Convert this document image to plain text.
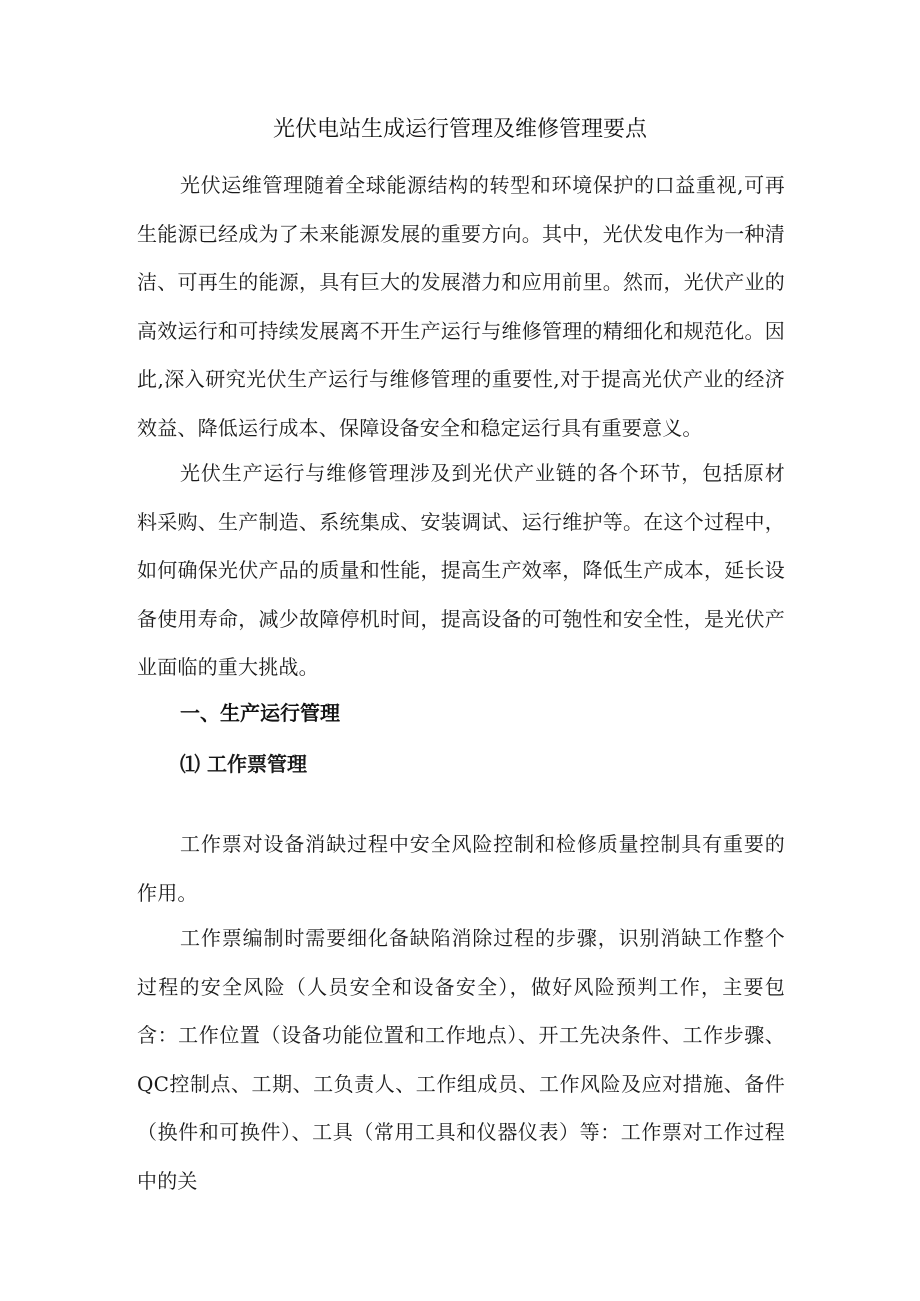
光伏电站生成运行管理及维修管理要点

光伏运维管理随着全球能源结构的转型和环境保护的口益重视,可再生能源已经成为了未来能源发展的重要方向。其中，光伏发电作为一种清洁、可再生的能源，具有巨大的发展潜力和应用前里。然而，光伏产业的高效运行和可持续发展离不开生产运行与维修管理的精细化和规范化。因此,深入研究光伏生产运行与维修管理的重要性,对于提高光伏产业的经济效益、降低运行成本、保障设备安全和稳定运行具有重要意义。

光伏生产运行与维修管理涉及到光伏产业链的各个环节，包括原材料采购、生产制造、系统集成、安装调试、运行维护等。在这个过程中，如何确保光伏产品的质量和性能，提高生产效率，降低生产成本，延长设备使用寿命，减少故障停机时间，提高设备的可匏性和安全性，是光伏产业面临的重大挑战。

一、生产运行管理
⑴ 工作票管理

工作票对设备消缺过程中安全风险控制和检修质量控制具有重要的作用。

工作票编制时需要细化备缺陷消除过程的步骤，识别消缺工作整个过程的安全风险（人员安全和设备安全），做好风险预判工作，主要包含：工作位置（设备功能位置和工作地点）、开工先决条件、工作步骤、QC控制点、工期、工负责人、工作组成员、工作风险及应对措施、备件（换件和可换件）、工具（常用工具和仪器仪表）等：工作票对工作过程中的关
